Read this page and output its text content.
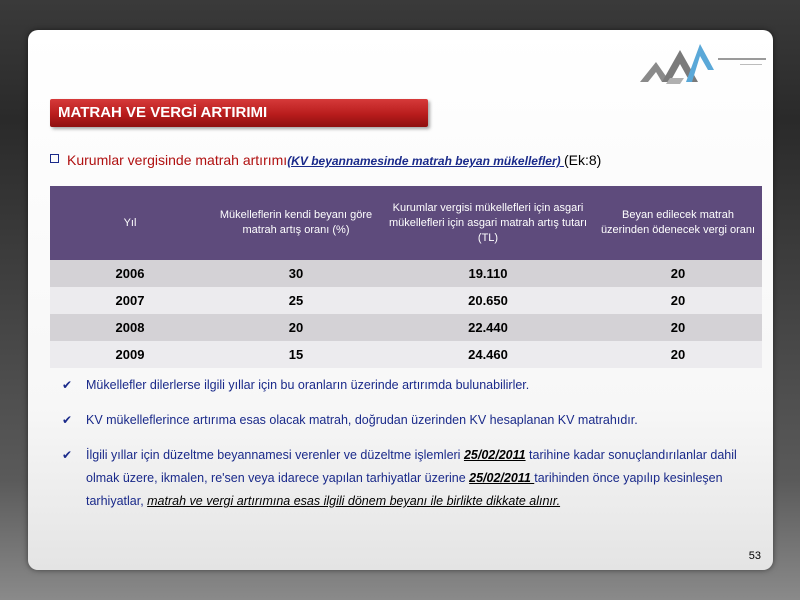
MATRAH VE VERGİ ARTIRIMI
Kurumlar vergisinde matrah artırımı(KV beyannamesinde matrah beyan mükellefler) (Ek:8)
Yıl	Mükelleflerin kendi beyanı göre matrah artış oranı (%)	Kurumlar vergisi mükellefleri için asgari mükellefleri için asgari matrah artış tutarı (TL)	Beyan edilecek matrah üzerinden ödenecek vergi oranı
2006	30	19.110	20
2007	25	20.650	20
2008	20	22.440	20
2009	15	24.460	20
✔ Mükellefler dilerlerse ilgili yıllar için bu oranların üzerinde artırımda bulunabilirler.
✔ KV mükelleflerince artırıma esas olacak matrah, doğrudan üzerinden KV hesaplanan KV matrahıdır.
✔ İlgili yıllar için düzeltme beyannamesi verenler ve düzeltme işlemleri 25/02/2011 tarihine kadar sonuçlandırılanlar dahil olmak üzere, ikmalen, re'sen veya idarece yapılan tarhiyatlar üzerine 25/02/2011 tarihinden önce yapılıp kesinleşen tarhiyatlar, matrah ve vergi artırımına esas ilgili dönem beyanı ile birlikte dikkate alınır.
53
